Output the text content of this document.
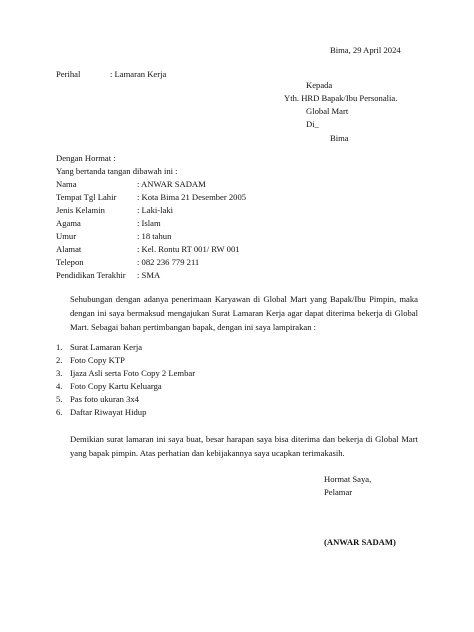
Bima, 29 April 2024
Perihal	: Lamaran Kerja
Kepada
Yth. HRD Bapak/Ibu Personalia.
Global Mart
Di_
Bima
Dengan Hormat :
Yang bertanda tangan dibawah ini :
Nama	: ANWAR SADAM
Tempat Tgl Lahir : Kota Bima 21 Desember 2005
Jenis Kelamin	: Laki-laki
Agama	: Islam
Umur	: 18 tahun
Alamat	: Kel. Rontu RT 001/ RW 001
Telepon	: 082 236 779 211
Pendidikan Terakhir : SMA
Sehubungan dengan adanya penerimaan Karyawan di Global Mart yang Bapak/Ibu Pimpin, maka dengan ini saya bermaksud mengajukan Surat Lamaran Kerja agar dapat diterima bekerja di Global Mart. Sebagai bahan pertimbangan bapak, dengan ini saya lampirakan :
1. Surat Lamaran Kerja
2. Foto Copy KTP
3. Ijaza Asli serta Foto Copy 2 Lembar
4. Foto Copy Kartu Keluarga
5. Pas foto ukuran 3x4
6. Daftar Riwayat Hidup
Demikian surat lamaran ini saya buat, besar harapan saya bisa diterima dan bekerja di Global Mart yang bapak pimpin. Atas perhatian dan kebijakannya saya ucapkan terimakasih.
Hormat Saya,
Pelamar
(ANWAR SADAM)
